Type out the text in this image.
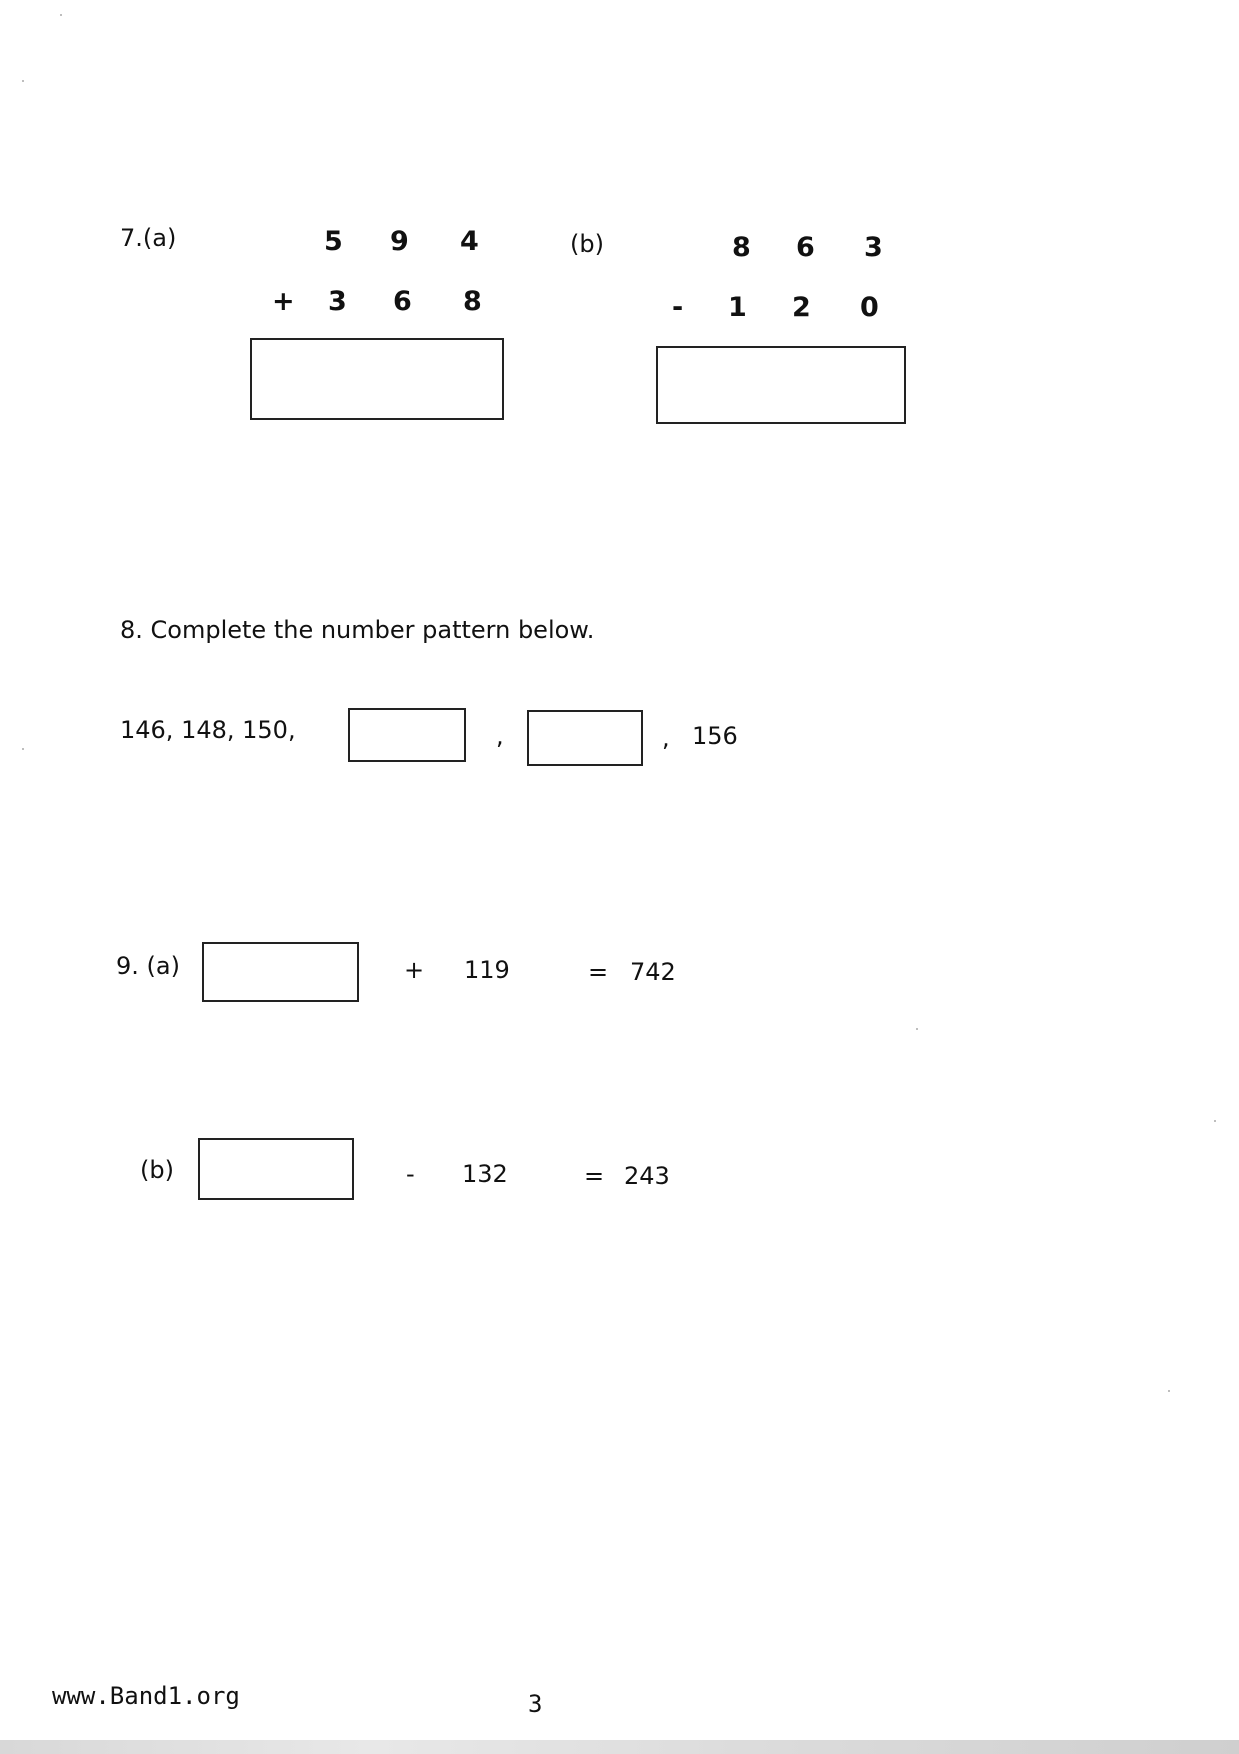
7.(a)	5 9 4
+ 3 6 8
(b)	8 6 3
- 1 2 0
8. Complete the number pattern below.
146, 148, 150,	,	, 156
9. (a)	+ 119	= 742
(b)	- 132	= 243
www.Band1.org	3
